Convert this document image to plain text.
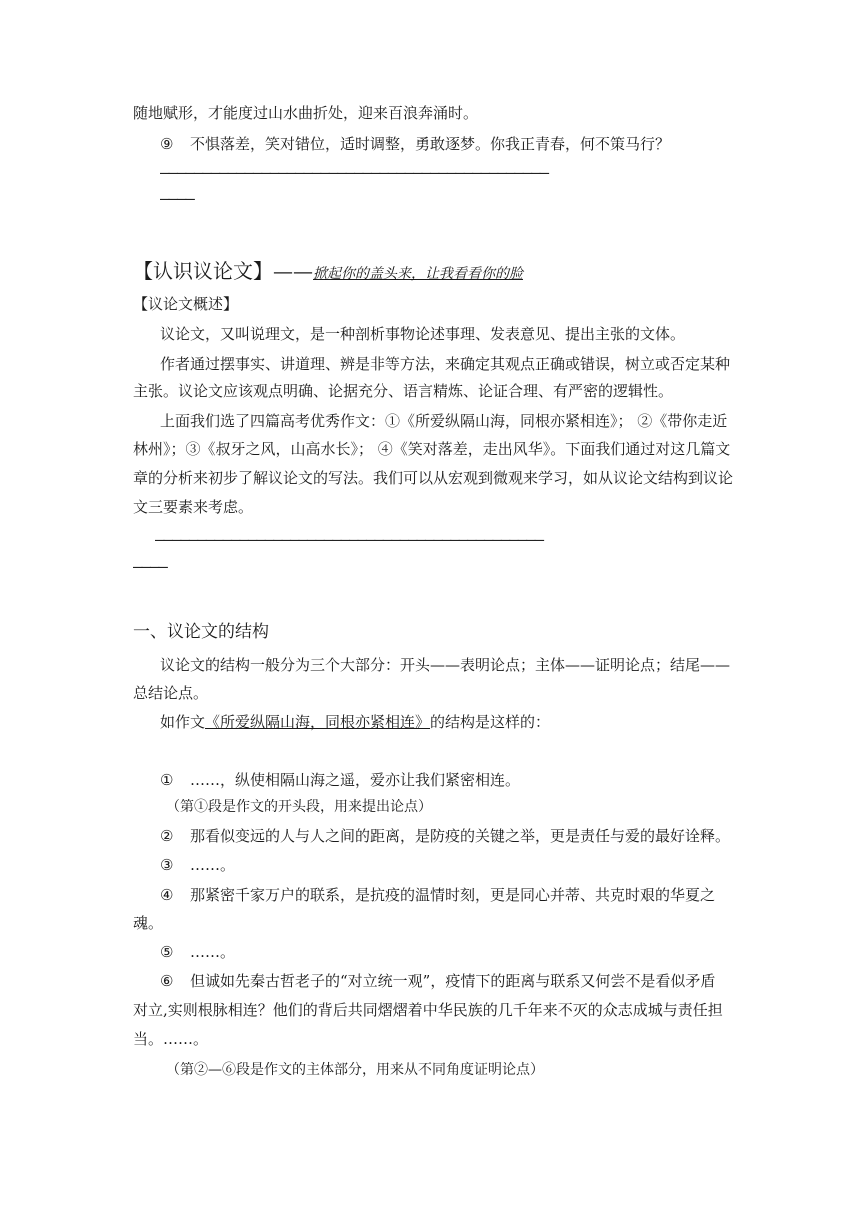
随地赋形，才能度过山水曲折处，迎来百浪奔涌时。
⑨ 不惧落差，笑对错位，适时调整，勇敢逐梦。你我正青春，何不策马行？
——————————————————————————————————————————————
————
【认识议论文】——掀起你的盖头来，让我看看你的脸
【议论文概述】
议论文，又叫说理文，是一种剖析事物论述事理、发表意见、提出主张的文体。
作者通过摆事实、讲道理、辨是非等方法，来确定其观点正确或错误，树立或否定某种
主张。议论文应该观点明确、论据充分、语言精炼、论证合理、有严密的逻辑性。
上面我们选了四篇高考优秀作文：①《所爱纵隔山海，同根亦紧相连》； ②《带你走近
林州》；③《叔牙之风，山高水长》； ④《笑对落差，走出风华》。下面我们通过对这几篇文
章的分析来初步了解议论文的写法。我们可以从宏观到微观来学习，如从议论文结构到议论
文三要素来考虑。
——————————————————————————————————————————————
————
一、议论文的结构
议论文的结构一般分为三个大部分：开头——表明论点；主体——证明论点；结尾——
总结论点。
如作文《所爱纵隔山海，同根亦紧相连》的结构是这样的：
① ……，纵使相隔山海之遥，爱亦让我们紧密相连。
（第①段是作文的开头段，用来提出论点）
② 那看似变远的人与人之间的距离，是防疫的关键之举，更是责任与爱的最好诠释。
③ ……。
④ 那紧密千家万户的联系，是抗疫的温情时刻，更是同心并蒂、共克时艰的华夏之
魂。
⑤ ……。
⑥ 但诚如先秦古哲老子的“对立统一观”，疫情下的距离与联系又何尝不是看似矛盾
对立,实则根脉相连？他们的背后共同熠熠着中华民族的几千年来不灭的众志成城与责任担
当。……。
（第②—⑥段是作文的主体部分，用来从不同角度证明论点）
